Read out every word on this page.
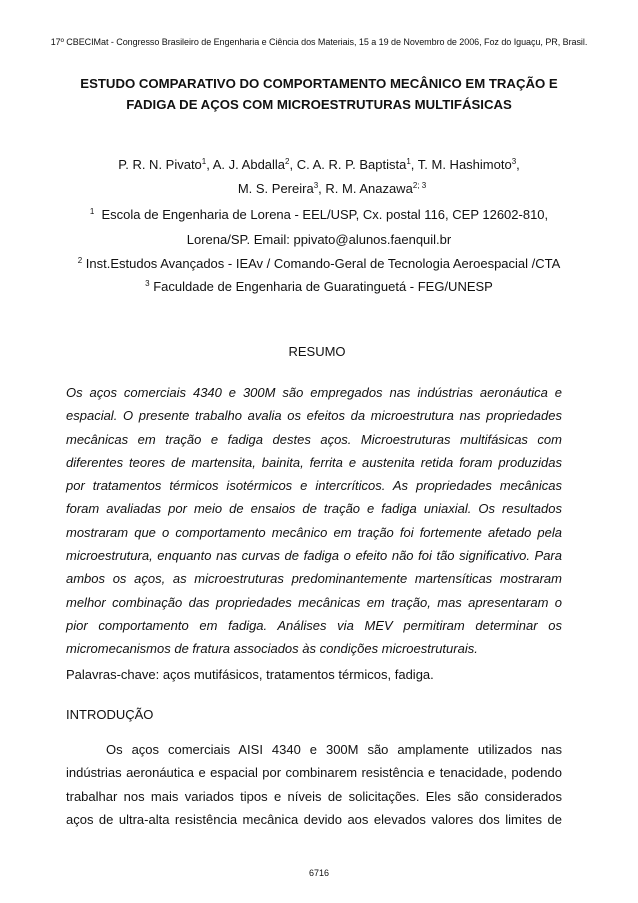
17º CBECIMat - Congresso Brasileiro de Engenharia e Ciência dos Materiais, 15 a 19 de Novembro de 2006, Foz do Iguaçu, PR, Brasil.
ESTUDO COMPARATIVO DO COMPORTAMENTO MECÂNICO EM TRAÇÃO E
FADIGA DE AÇOS COM MICROESTRUTURAS MULTIFÁSICAS
P. R. N. Pivato$^1$, A. J. Abdalla$^2$, C. A. R. P. Baptista$^1$, T. M. Hashimoto$^3$,
M. S. Pereira$^3$, R. M. Anazawa$^{2; 3}$
$^1$ Escola de Engenharia de Lorena - EEL/USP, Cx. postal 116, CEP 12602-810,
Lorena/SP. Email: ppivato@alunos.faenquil.br
$^2$ Inst.Estudos Avançados - IEAv / Comando-Geral de Tecnologia Aeroespacial /CTA
$^3$ Faculdade de Engenharia de Guaratinguetá - FEG/UNESP
RESUMO
Os aços comerciais 4340 e 300M são empregados nas indústrias aeronáutica e
espacial. O presente trabalho avalia os efeitos da microestrutura nas propriedades
mecânicas em tração e fadiga destes aços. Microestruturas multifásicas com
diferentes teores de martensita, bainita, ferrita e austenita retida foram produzidas
por tratamentos térmicos isotérmicos e intercríticos. As propriedades mecânicas
foram avaliadas por meio de ensaios de tração e fadiga uniaxial. Os resultados
mostraram que o comportamento mecânico em tração foi fortemente afetado pela
microestrutura, enquanto nas curvas de fadiga o efeito não foi tão significativo. Para
ambos os aços, as microestruturas predominantemente martensíticas mostraram
melhor combinação das propriedades mecânicas em tração, mas apresentaram o
pior comportamento em fadiga. Análises via MEV permitiram determinar os
micromecanismos de fratura associados às condições microestruturais.
Palavras-chave: aços mutifásicos, tratamentos térmicos, fadiga.
INTRODUÇÃO
Os aços comerciais AISI 4340 e 300M são amplamente utilizados nas
indústrias aeronáutica e espacial por combinarem resistência e tenacidade, podendo
trabalhar nos mais variados tipos e níveis de solicitações. Eles são considerados
aços de ultra-alta resistência mecânica devido aos elevados valores dos limites de
6716
